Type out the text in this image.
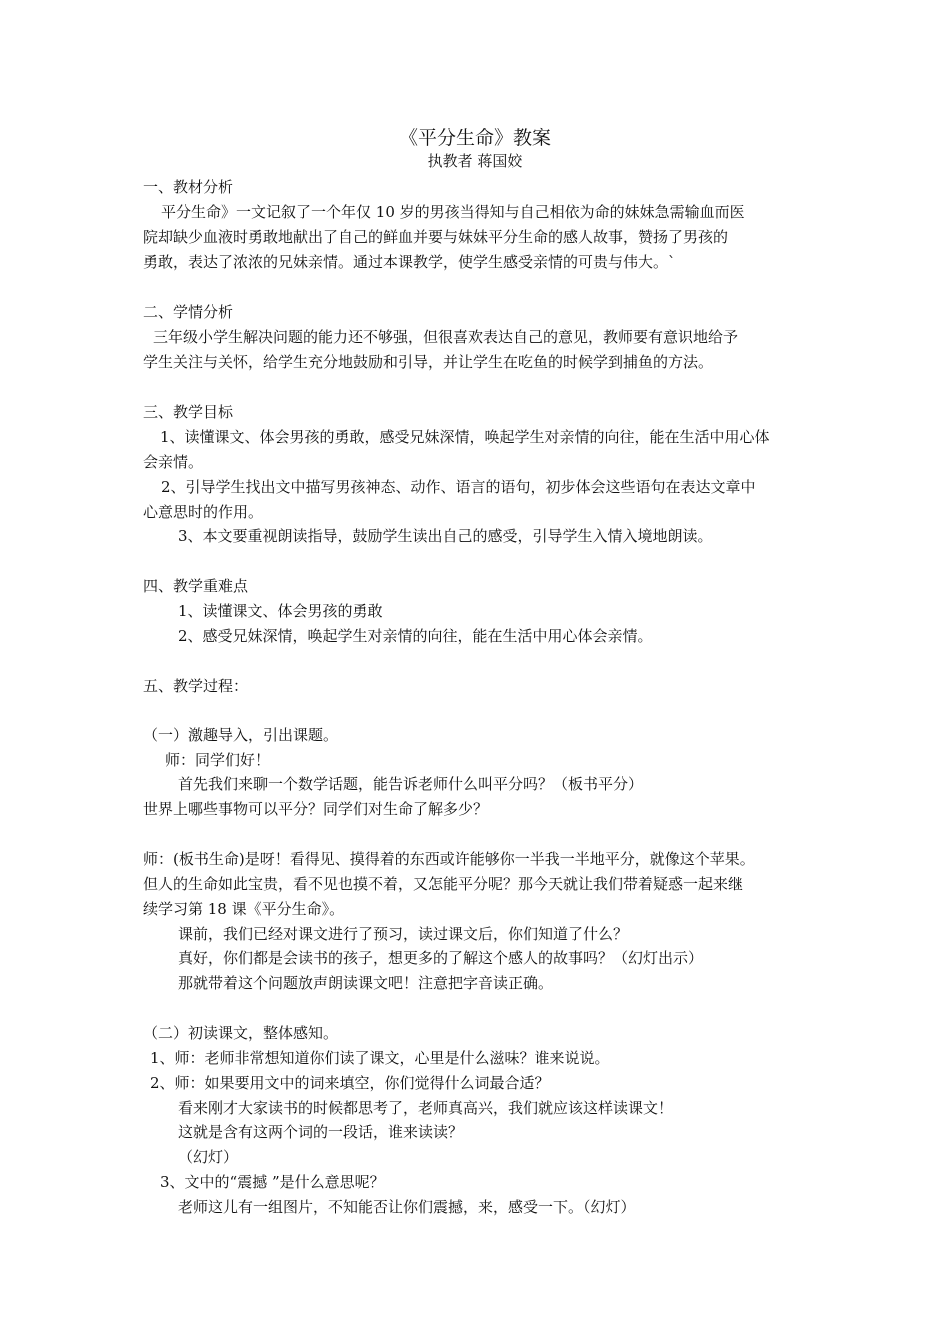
《平分生命》教案

执教者 蒋国姣

一、教材分析

平分生命》一文记叙了一个年仅 10 岁的男孩当得知与自己相依为命的妹妹急需输血而医

院却缺少血液时勇敢地献出了自己的鲜血并要与妹妹平分生命的感人故事，赞扬了男孩的

勇敢，表达了浓浓的兄妹亲情。通过本课教学，使学生感受亲情的可贵与伟大。`

二、学情分析

三年级小学生解决问题的能力还不够强，但很喜欢表达自己的意见，教师要有意识地给予

学生关注与关怀，给学生充分地鼓励和引导，并让学生在吃鱼的时候学到捕鱼的方法。

三、教学目标

1、读懂课文、体会男孩的勇敢，感受兄妹深情，唤起学生对亲情的向往，能在生活中用心体

会亲情。

2、引导学生找出文中描写男孩神态、动作、语言的语句，初步体会这些语句在表达文章中

心意思时的作用。

3、本文要重视朗读指导，鼓励学生读出自己的感受，引导学生入情入境地朗读。

四、教学重难点

1、读懂课文、体会男孩的勇敢

2、感受兄妹深情，唤起学生对亲情的向往，能在生活中用心体会亲情。

五、教学过程：

（一）激趣导入，引出课题。

师：同学们好！

首先我们来聊一个数学话题，能告诉老师什么叫平分吗？（板书平分）

世界上哪些事物可以平分？同学们对生命了解多少？

师：(板书生命)是呀！看得见、摸得着的东西或许能够你一半我一半地平分，就像这个苹果。

但人的生命如此宝贵，看不见也摸不着，又怎能平分呢？那今天就让我们带着疑惑一起来继

续学习第 18 课《平分生命》。

课前，我们已经对课文进行了预习，读过课文后，你们知道了什么？

真好，你们都是会读书的孩子，想更多的了解这个感人的故事吗？（幻灯出示）

那就带着这个问题放声朗读课文吧！注意把字音读正确。

（二）初读课文，整体感知。

1、师：老师非常想知道你们读了课文，心里是什么滋味？谁来说说。

2、师：如果要用文中的词来填空，你们觉得什么词最合适？

看来刚才大家读书的时候都思考了，老师真高兴，我们就应该这样读课文！

这就是含有这两个词的一段话，谁来读读？

（幻灯）

3、文中的“震撼 ”是什么意思呢？

老师这儿有一组图片，不知能否让你们震撼，来，感受一下。（幻灯）
